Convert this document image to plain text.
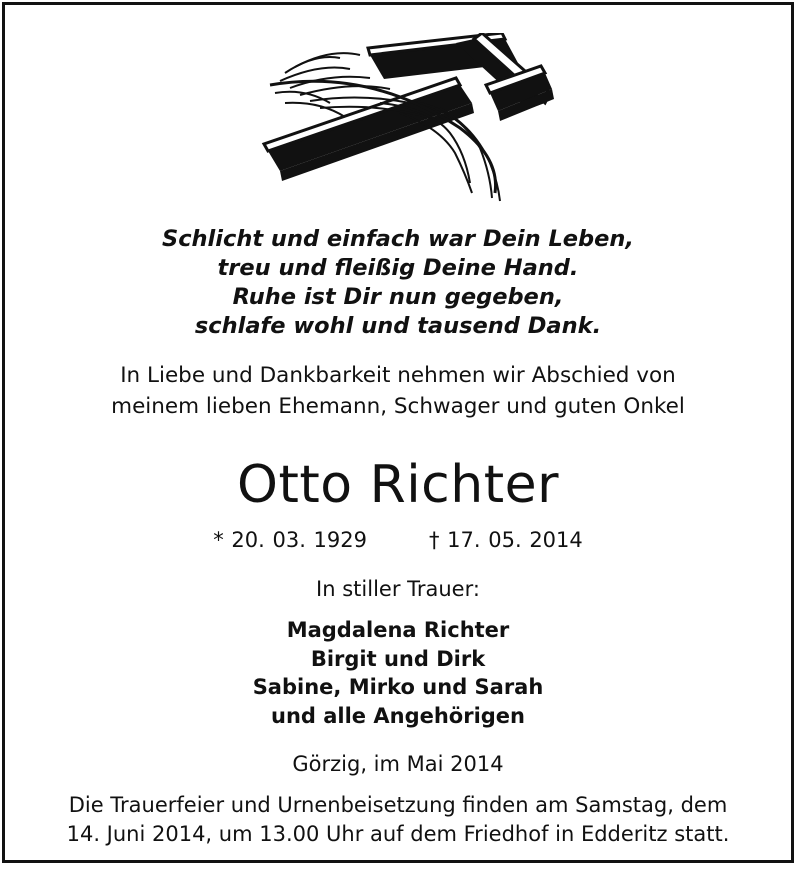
Schlicht und einfach war Dein Leben,
treu und fleißig Deine Hand.
Ruhe ist Dir nun gegeben,
schlafe wohl und tausend Dank.
In Liebe und Dankbarkeit nehmen wir Abschied von
meinem lieben Ehemann, Schwager und guten Onkel
Otto Richter
* 20. 03. 1929	† 17. 05. 2014
In stiller Trauer:
Magdalena Richter
Birgit und Dirk
Sabine, Mirko und Sarah
und alle Angehörigen
Görzig, im Mai 2014
Die Trauerfeier und Urnenbeisetzung finden am Samstag, dem
14. Juni 2014, um 13.00 Uhr auf dem Friedhof in Edderitz statt.
